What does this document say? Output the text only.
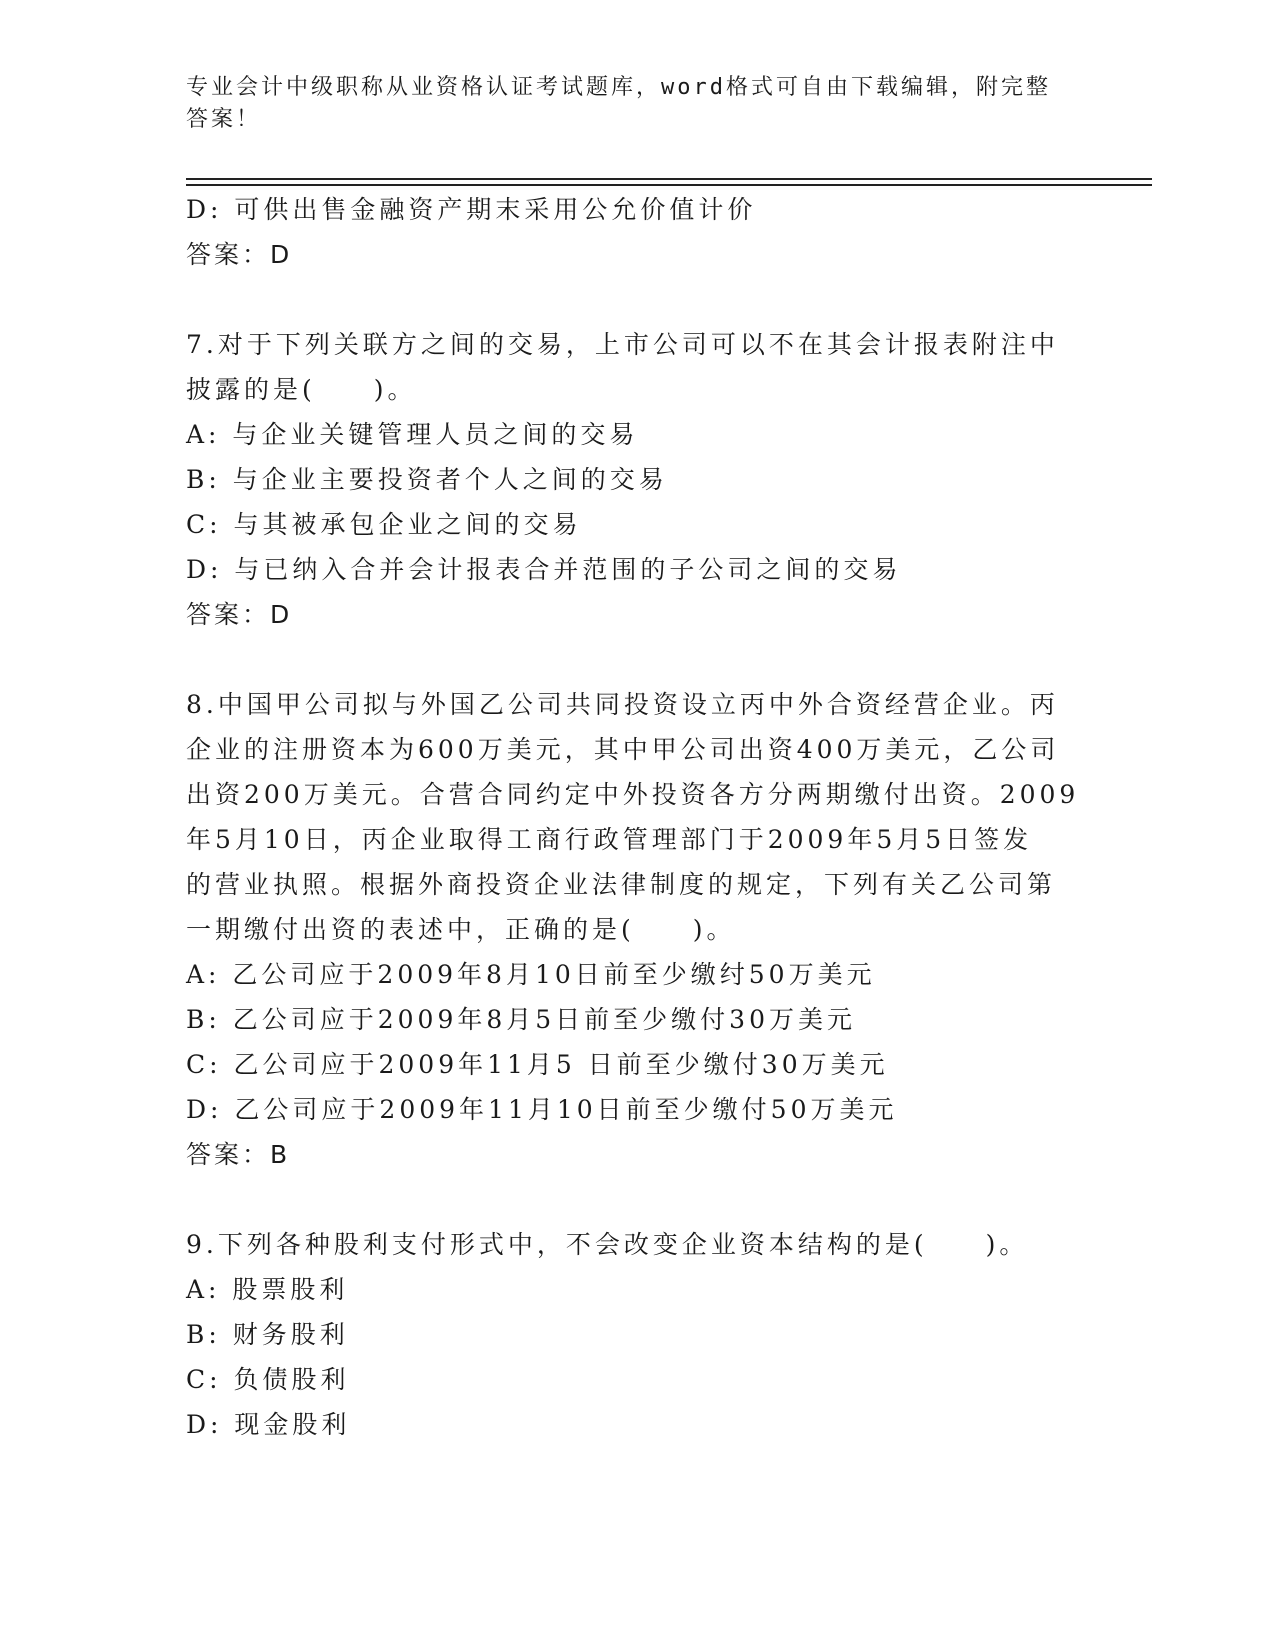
专业会计中级职称从业资格认证考试题库，word格式可自由下载编辑，附完整答案！
D: 可供出售金融资产期末采用公允价值计价
答案：D
7.对于下列关联方之间的交易，上市公司可以不在其会计报表附注中
披露的是(　　)。
A: 与企业关键管理人员之间的交易
B: 与企业主要投资者个人之间的交易
C: 与其被承包企业之间的交易
D: 与已纳入合并会计报表合并范围的子公司之间的交易
答案：D
8.中国甲公司拟与外国乙公司共同投资设立丙中外合资经营企业。丙
企业的注册资本为600万美元，其中甲公司出资400万美元，乙公司
出资200万美元。合营合同约定中外投资各方分两期缴付出资。2009
年5月10日，丙企业取得工商行政管理部门于2009年5月5日签发
的营业执照。根据外商投资企业法律制度的规定，下列有关乙公司第
一期缴付出资的表述中，正确的是(　　)。
A: 乙公司应于2009年8月10日前至少缴纣50万美元
B: 乙公司应于2009年8月5日前至少缴付30万美元
C: 乙公司应于2009年11月5 日前至少缴付30万美元
D: 乙公司应于2009年11月10日前至少缴付50万美元
答案：B
9.下列各种股利支付形式中，不会改变企业资本结构的是(　　)。
A: 股票股利
B: 财务股利
C: 负债股利
D: 现金股利
